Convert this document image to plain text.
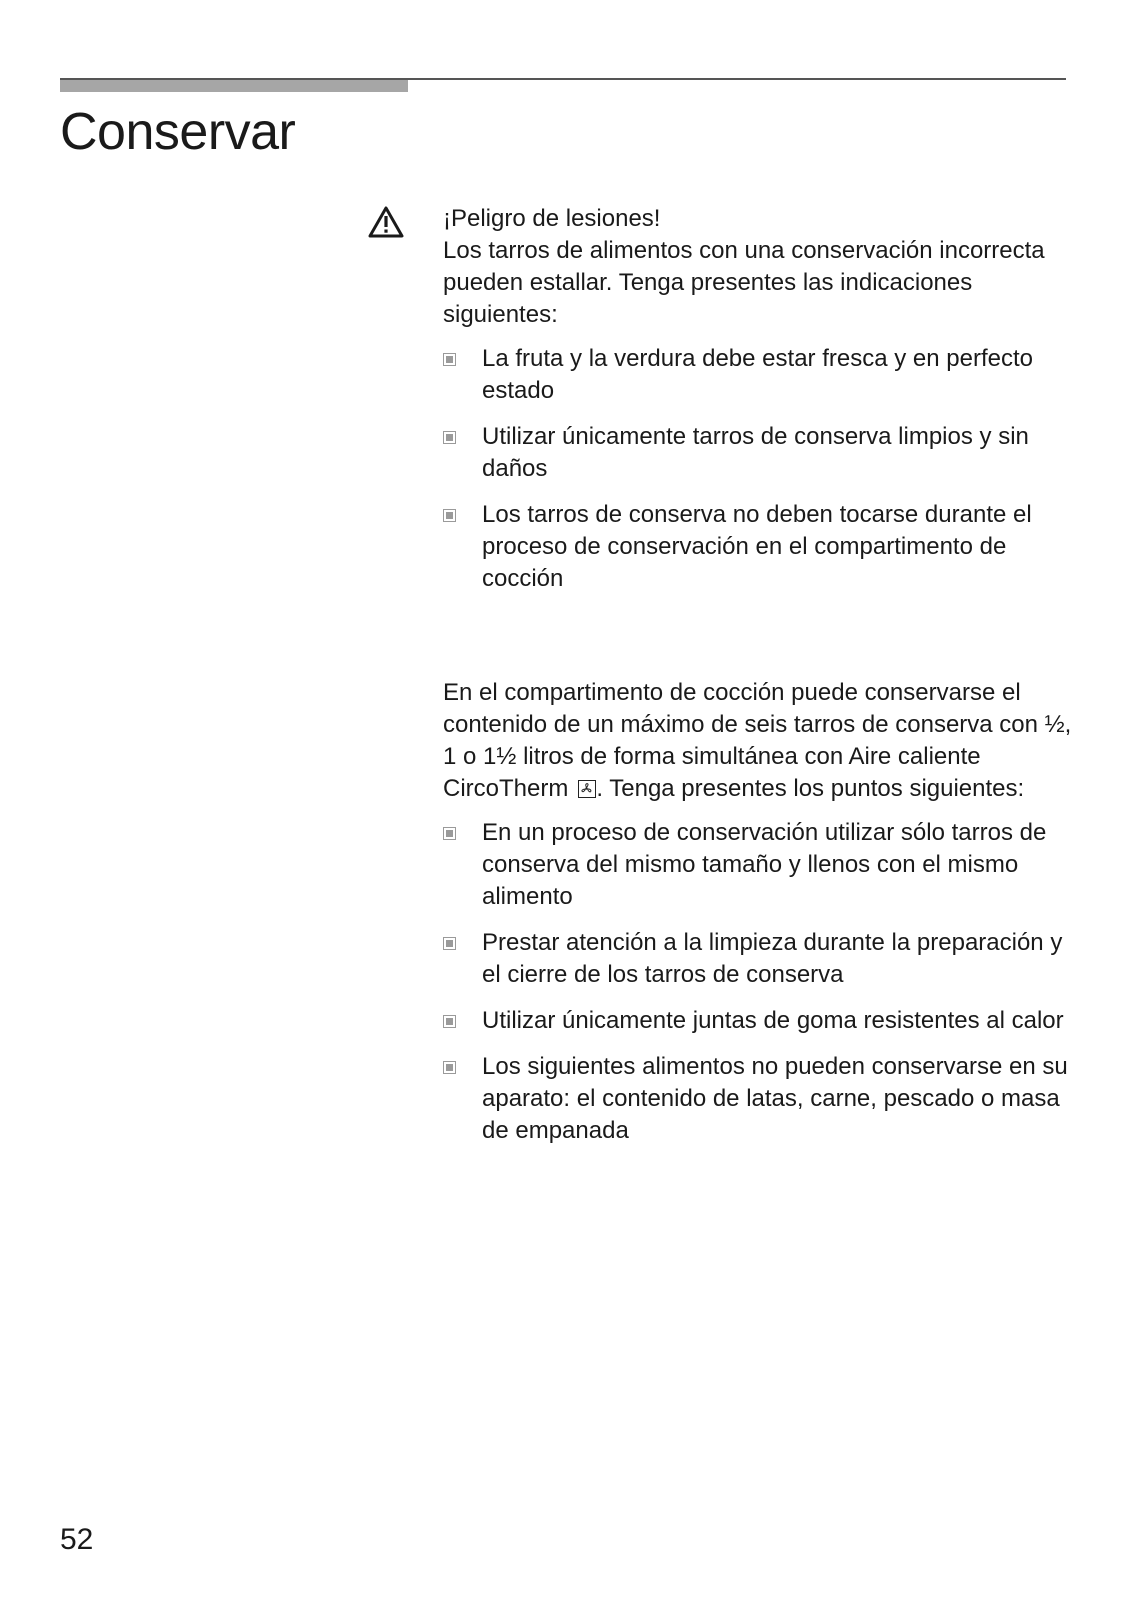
Conservar

¡Peligro de lesiones!

Los tarros de alimentos con una conservación incorrecta pueden estallar. Tenga presentes las indicaciones siguientes:

La fruta y la verdura debe estar fresca y en perfecto estado
Utilizar únicamente tarros de conserva limpios y sin daños
Los tarros de conserva no deben tocarse durante el proceso de conservación en el compartimento de cocción

En el compartimento de cocción puede conservarse el contenido de un máximo de seis tarros de conserva con ½, 1 o 1½ litros de forma simultánea con Aire caliente CircoTherm . Tenga presentes los puntos siguientes:

En un proceso de conservación utilizar sólo tarros de conserva del mismo tamaño y llenos con el mismo alimento
Prestar atención a la limpieza durante la preparación y el cierre de los tarros de conserva
Utilizar únicamente juntas de goma resistentes al calor
Los siguientes alimentos no pueden conservarse en su aparato: el contenido de latas, carne, pescado o masa de empanada
52
